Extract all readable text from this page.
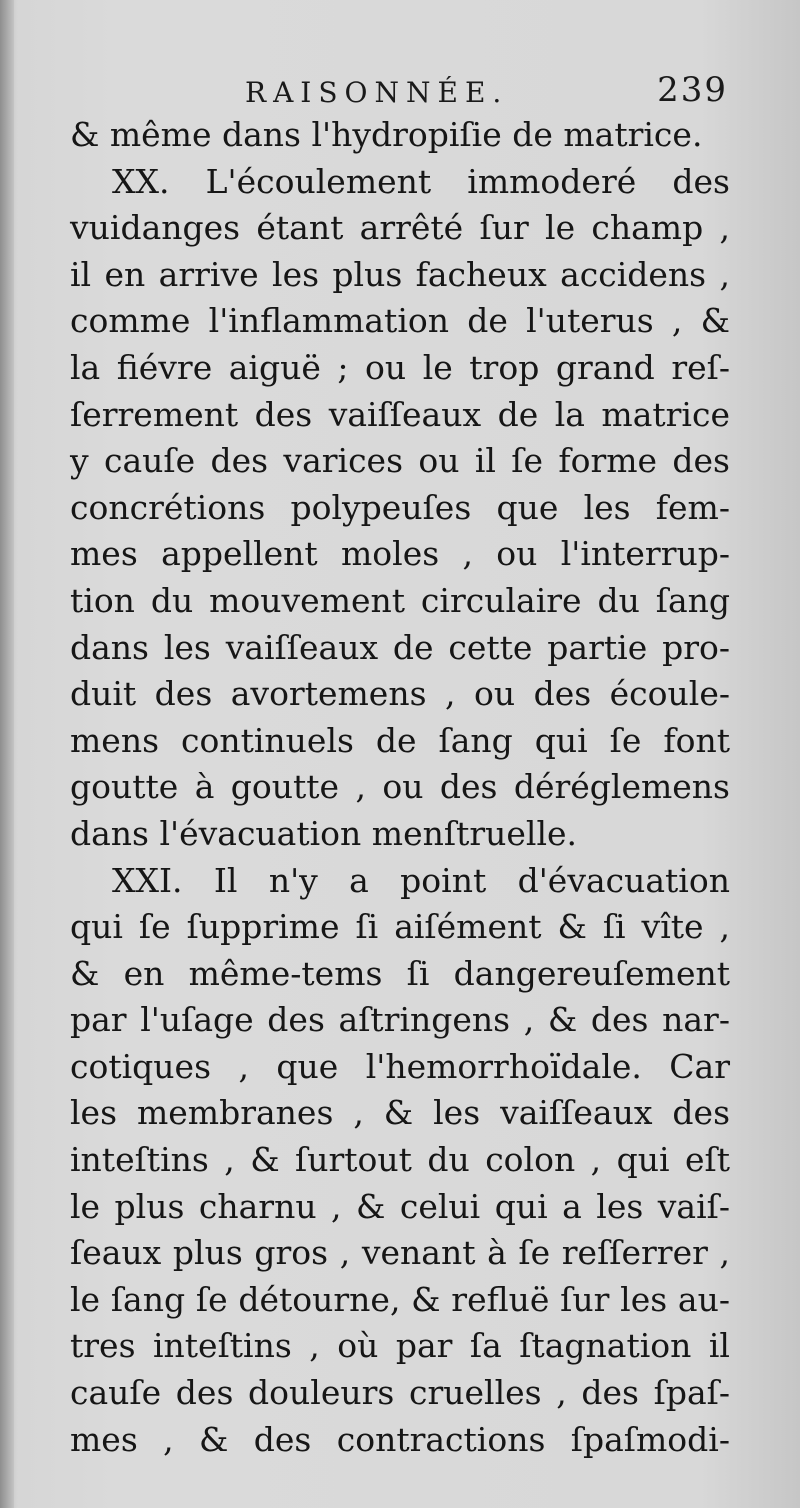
RAISONNÉE.	239
& même dans l'hydropiſie de matrice.
XX. L'écoulement immoderé des
vuidanges étant arrêté ſur le champ ,
il en arrive les plus facheux accidens ,
comme l'inflammation de l'uterus , &
la fiévre aiguë ; ou le trop grand reſ-
ſerrement des vaiſſeaux de la matrice
y cauſe des varices ou il ſe forme des
concrétions polypeuſes que les fem-
mes appellent moles , ou l'interrup-
tion du mouvement circulaire du ſang
dans les vaiſſeaux de cette partie pro-
duit des avortemens , ou des écoule-
mens continuels de ſang qui ſe font
goutte à goutte , ou des déréglemens
dans l'évacuation menſtruelle.
XXI. Il n'y a point d'évacuation
qui ſe ſupprime ſi aiſément & ſi vîte ,
& en même-tems ſi dangereuſement
par l'uſage des aſtringens , & des nar-
cotiques , que l'hemorrhoïdale. Car
les membranes , & les vaiſſeaux des
inteſtins , & ſurtout du colon , qui eſt
le plus charnu , & celui qui a les vaiſ-
ſeaux plus gros , venant à ſe reſſerrer ,
le ſang ſe détourne, & refluë ſur les au-
tres inteſtins , où par ſa ſtagnation il
cauſe des douleurs cruelles , des ſpaſ-
mes , & des contractions ſpaſmodi-
